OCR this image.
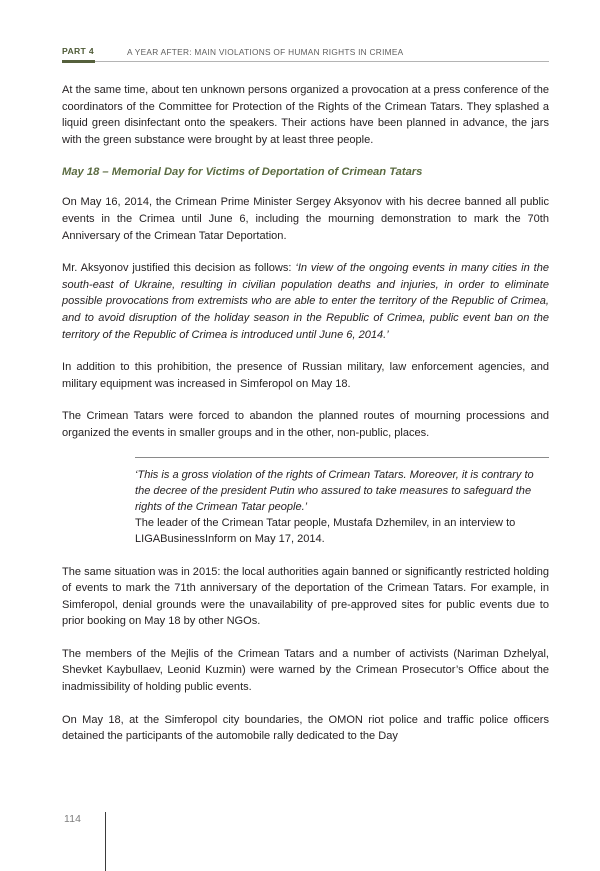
PART 4	A YEAR AFTER: MAIN VIOLATIONS OF HUMAN RIGHTS IN CRIMEA

At the same time, about ten unknown persons organized a provocation at a press conference of the coordinators of the Committee for Protection of the Rights of the Crimean Tatars. They splashed a liquid green disinfectant onto the speakers. Their actions have been planned in advance, the jars with the green substance were brought by at least three people.

May 18 – Memorial Day for Victims of Deportation of Crimean Tatars

On May 16, 2014, the Crimean Prime Minister Sergey Aksyonov with his decree banned all public events in the Crimea until June 6, including the mourning demonstration to mark the 70th Anniversary of the Crimean Tatar Deportation.

Mr. Aksyonov justified this decision as follows: ‘In view of the ongoing events in many cities in the south-east of Ukraine, resulting in civilian population deaths and injuries, in order to eliminate possible provocations from extremists who are able to enter the territory of the Republic of Crimea, and to avoid disruption of the holiday season in the Republic of Crimea, public event ban on the territory of the Republic of Crimea is introduced until June 6, 2014.’

In addition to this prohibition, the presence of Russian military, law enforcement agencies, and military equipment was increased in Simferopol on May 18.

The Crimean Tatars were forced to abandon the planned routes of mourning processions and organized the events in smaller groups and in the other, non-public, places.

‘This is a gross violation of the rights of Crimean Tatars. Moreover, it is contrary to the decree of the president Putin who assured to take measures to safeguard the rights of the Crimean Tatar people.’

The leader of the Crimean Tatar people, Mustafa Dzhemilev, in an interview to LIGABusinessInform on May 17, 2014.

The same situation was in 2015: the local authorities again banned or significantly restricted holding of events to mark the 71th anniversary of the deportation of the Crimean Tatars. For example, in Simferopol, denial grounds were the unavailability of pre-approved sites for public events due to prior booking on May 18 by other NGOs.

The members of the Mejlis of the Crimean Tatars and a number of activists (Nariman Dzhelyal, Shevket Kaybullaev, Leonid Kuzmin) were warned by the Crimean Prosecutor’s Office about the inadmissibility of holding public events.

On May 18, at the Simferopol city boundaries, the OMON riot police and traffic police officers detained the participants of the automobile rally dedicated to the Day

114
